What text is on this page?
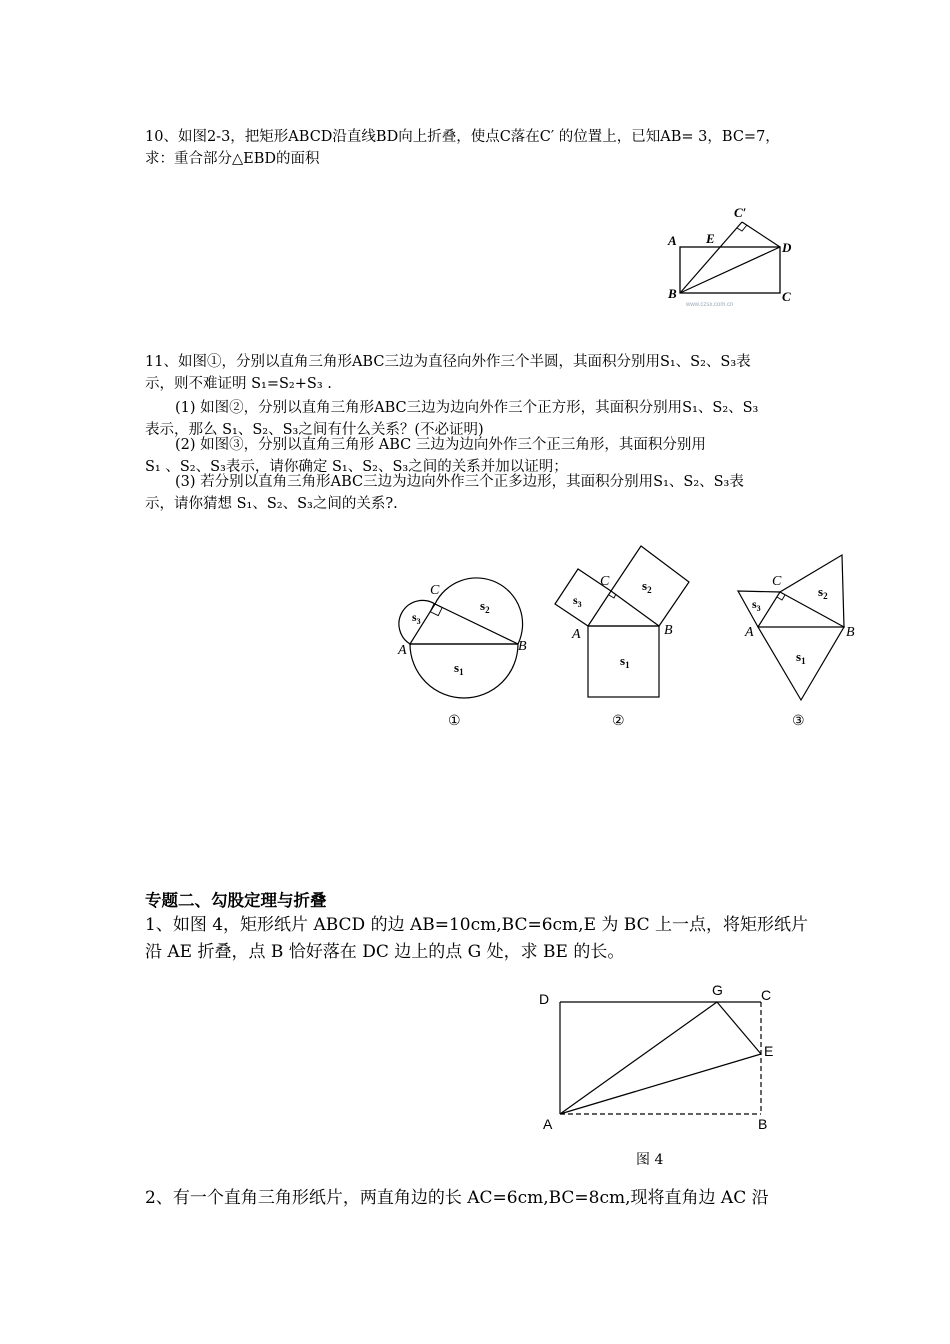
10、如图2-3，把矩形ABCD沿直线BD向上折叠，使点C落在C′ 的位置上，已知AB= 3，BC=7，
求：重合部分△EBD的面积
C′
A E
D
B	C
www.czsx.com.cn
11、如图①，分别以直角三角形ABC三边为直径向外作三个半圆，其面积分别用S₁、S₂、S₃表
示，则不难证明 S₁=S₂+S₃ .
(1) 如图②，分别以直角三角形ABC三边为边向外作三个正方形，其面积分别用S₁、S₂、S₃
表示，那么 S₁、S₂、S₃之间有什么关系？(不必证明)
(2) 如图③，分别以直角三角形 ABC 三边为边向外作三个正三角形，其面积分别用
S₁ 、S₂、S₃表示，请你确定 S₁、S₂、S₃之间的关系并加以证明；
(3) 若分别以直角三角形ABC三边为边向外作三个正多边形，其面积分别用S₁、S₂、S₃表
示，请你猜想 S₁、S₂、S₃之间的关系?.
A	B
C
$s_1$
$s_2$
$s_3$
①
A	B
C
$s_1$
$s_2$
$s_3$
②
A	B
C
$s_1$
$s_2$
$s_3$
③
专题二、勾股定理与折叠
1、如图 4，矩形纸片 ABCD 的边 AB=10cm,BC=6cm,E 为 BC 上一点，将矩形纸片
沿 AE 折叠，点 B 恰好落在 DC 边上的点 G 处，求 BE 的长。
D
G	C
E
A	B
图 4
2、有一个直角三角形纸片，两直角边的长 AC=6cm,BC=8cm,现将直角边 AC 沿
